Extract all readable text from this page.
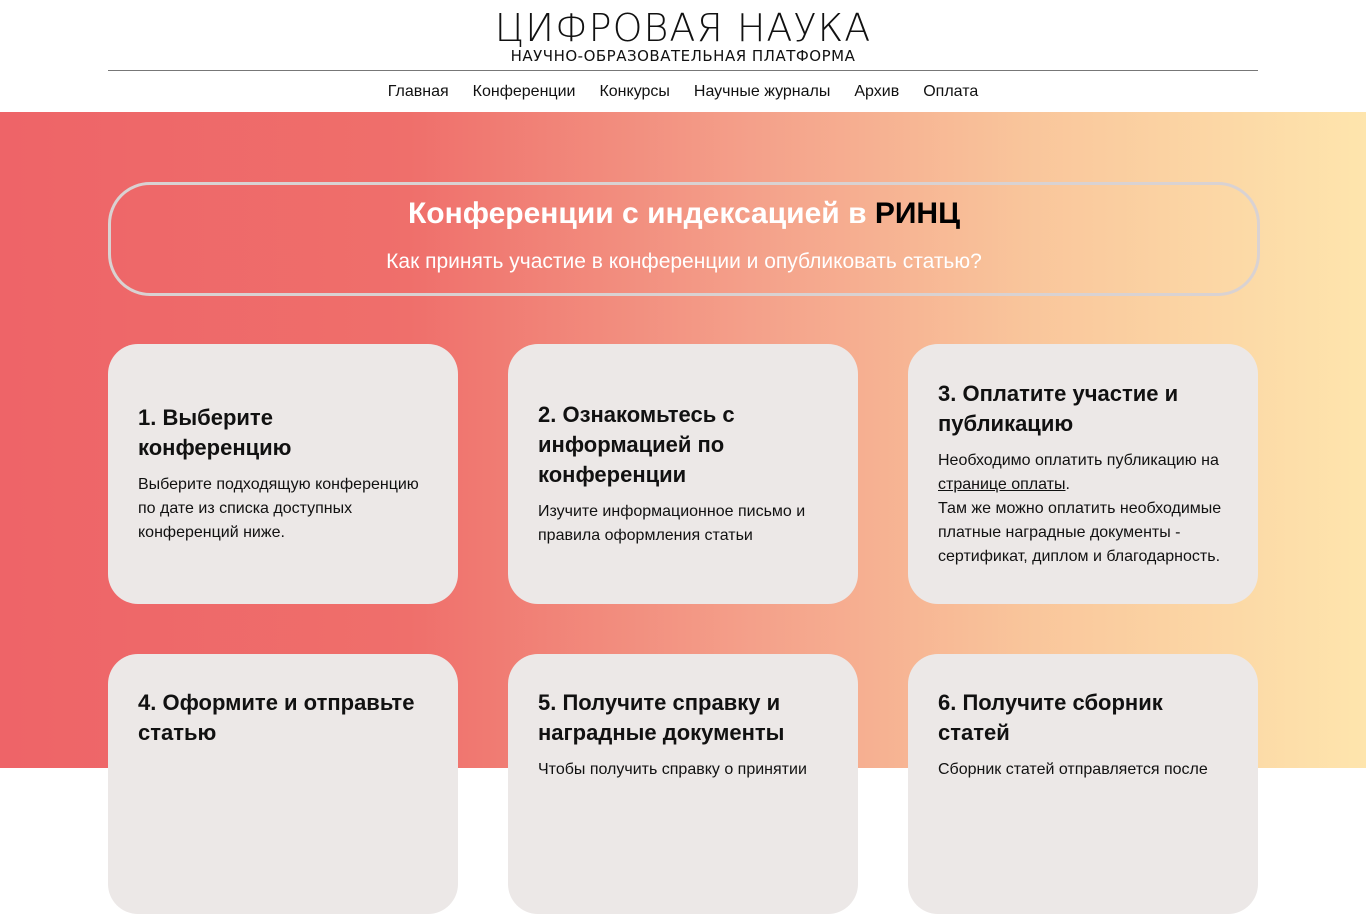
ЦИФРОВАЯ НАУКА
НАУЧНО-ОБРАЗОВАТЕЛЬНАЯ ПЛАТФОРМА
Главная Конференции Конкурсы Научные журналы Архив Оплата
Конференции с индексацией в РИНЦ
Как принять участие в конференции и опубликовать статью?
1. Выберите конференцию

Выберите подходящую конференцию по дате из списка доступных конференций ниже.

2. Ознакомьтесь с информацией по конференции

Изучите информационное письмо и правила оформления статьи

3. Оплатите участие и публикацию

Необходимо оплатить публикацию на странице оплаты.
Там же можно оплатить необходимые платные наградные документы - сертификат, диплом и благодарность.

4. Оформите и отправьте статью
5. Получите справку и наградные документы

Чтобы получить справку о принятии

6. Получите сборник статей

Сборник статей отправляется после
